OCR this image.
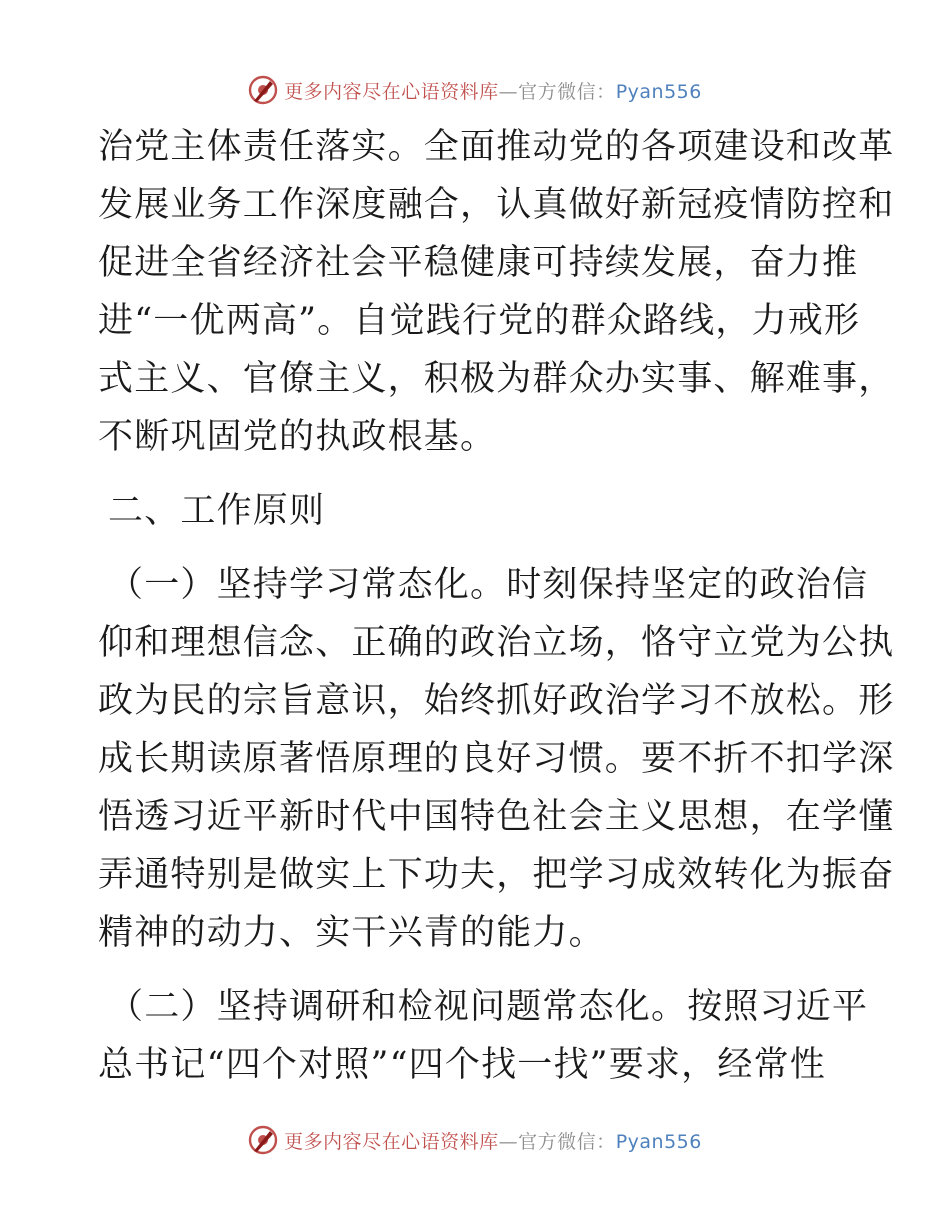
更多内容尽在心语资料库—官方微信：Pyan556
治党主体责任落实。全面推动党的各项建设和改革
发展业务工作深度融合，认真做好新冠疫情防控和
促进全省经济社会平稳健康可持续发展，奋力推
进“一优两高”。自觉践行党的群众路线，力戒形
式主义、官僚主义，积极为群众办实事、解难事，
不断巩固党的执政根基。
二、工作原则
（一）坚持学习常态化。时刻保持坚定的政治信
仰和理想信念、正确的政治立场，恪守立党为公执
政为民的宗旨意识，始终抓好政治学习不放松。形
成长期读原著悟原理的良好习惯。要不折不扣学深
悟透习近平新时代中国特色社会主义思想，在学懂
弄通特别是做实上下功夫，把学习成效转化为振奋
精神的动力、实干兴青的能力。
（二）坚持调研和检视问题常态化。按照习近平
总书记“四个对照”“四个找一找”要求，经常性
更多内容尽在心语资料库—官方微信：Pyan556
